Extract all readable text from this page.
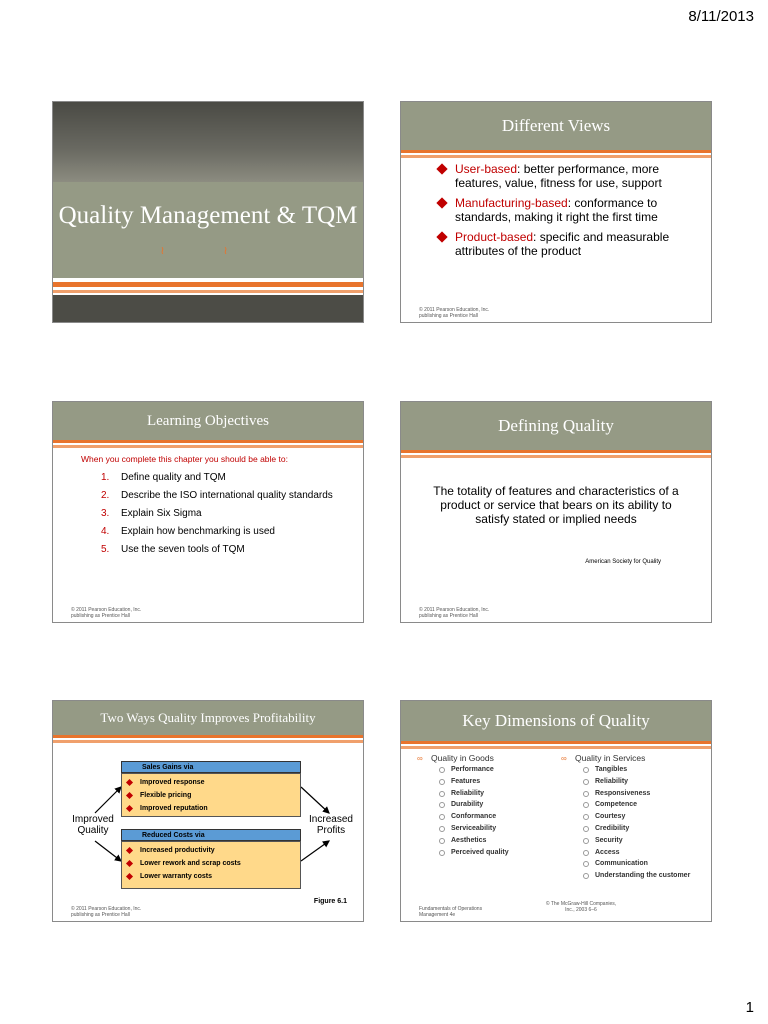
8/11/2013
Quality Management & TQM
≀ ≀
Different Views
User-based: better performance, more features, value, fitness for use, support
Manufacturing-based: conformance to standards, making it right the first time
Product-based: specific and measurable attributes of the product
© 2011 Pearson Education, Inc. publishing as Prentice Hall
Learning Objectives
When you complete this chapter you should be able to:
1. Define quality and TQM
2. Describe the ISO international quality standards
3. Explain Six Sigma
4. Explain how benchmarking is used
5. Use the seven tools of TQM
© 2011 Pearson Education, Inc. publishing as Prentice Hall
Defining Quality
The totality of features and characteristics of a product or service that bears on its ability to satisfy stated or implied needs
American Society for Quality
© 2011 Pearson Education, Inc. publishing as Prentice Hall
Two Ways Quality Improves Profitability
Improved Quality
Increased Profits
Sales Gains via
Improved response
Flexible pricing
Improved reputation
Reduced Costs via
Increased productivity
Lower rework and scrap costs
Lower warranty costs
Figure 6.1
© 2011 Pearson Education, Inc. publishing as Prentice Hall
Key Dimensions of Quality
∞ Quality in Goods
Performance
Features
Reliability
Durability
Conformance
Serviceability
Aesthetics
Perceived quality
∞ Quality in Services
Tangibles
Reliability
Responsiveness
Competence
Courtesy
Credibility
Security
Access
Communication
Understanding the customer
Fundamentals of Operations Management 4e
© The McGraw-Hill Companies, Inc., 2003 6–6
1
